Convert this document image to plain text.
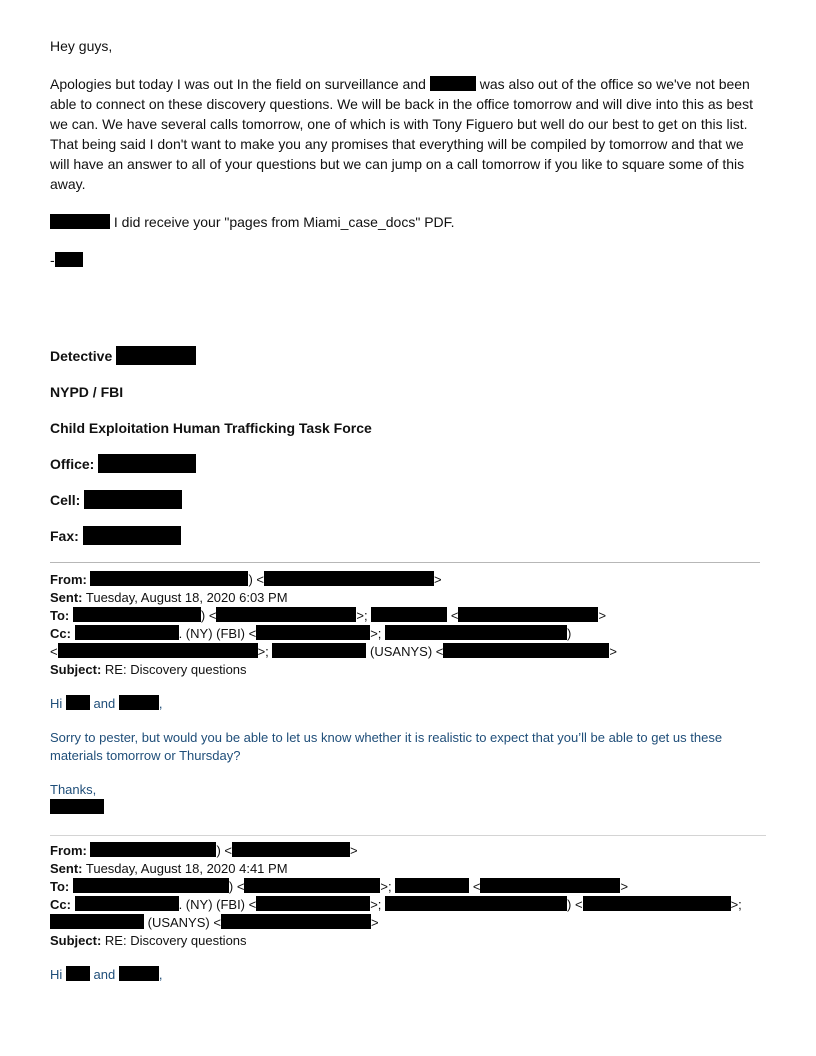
Hey guys,

Apologies but today I was out In the field on surveillance and	was also out of the office so we've not been able to connect on these discovery questions. We will be back in the office tomorrow and will dive into this as best we can. We have several calls tomorrow, one of which is with Tony Figuero but well do our best to get on this list. That being said I don't want to make you any promises that everything will be compiled by tomorrow and that we will have an answer to all of your questions but we can jump on a call tomorrow if you like to square some of this away.

I did receive your "pages from Miami_case_docs" PDF.

-

Detective

NYPD / FBI

Child Exploitation Human Trafficking Task Force

Office:

Cell:

Fax:

From:	) <	>

Sent: Tuesday, August 18, 2020 6:03 PM

To:	) <	>;	<	>

Cc:	. (NY) (FBI) <	>;	)

<	>;	(USANYS) <	>

Subject: RE: Discovery questions

Hi and	,

Sorry to pester, but would you be able to let us know whether it is realistic to expect that you’ll be able to get us these materials tomorrow or Thursday?

Thanks,

From:	) <	>

Sent: Tuesday, August 18, 2020 4:41 PM

To:	) <	>;	<	>

Cc:	. (NY) (FBI) <	>;	) <	>;

(USANYS) <	>

Subject: RE: Discovery questions

Hi and	,
